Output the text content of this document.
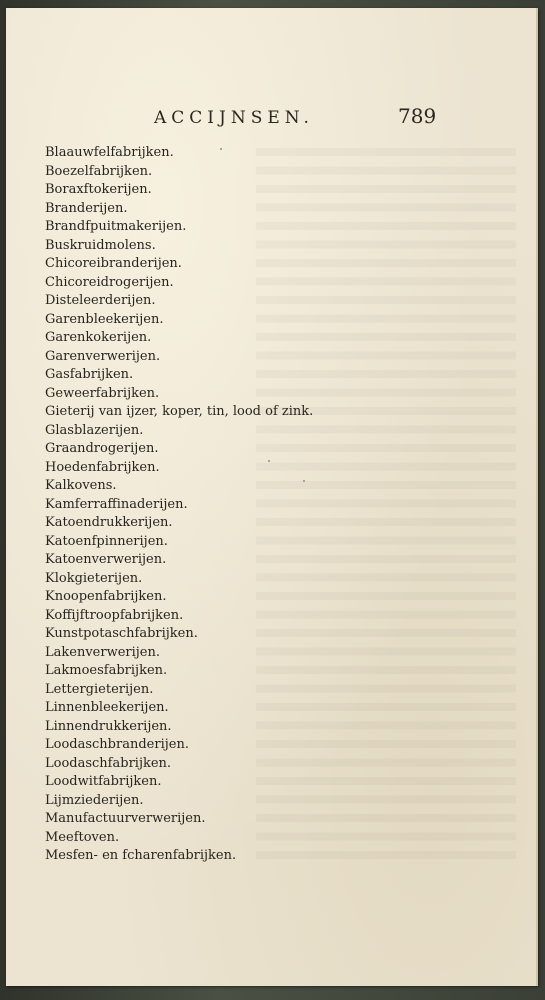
ACCIJNSEN.	789
Blaauwfelfabrijken.
Boezelfabrijken.
Boraxftokerijen.
Branderijen.
Brandfpuitmakerijen.
Buskruidmolens.
Chicoreibranderijen.
Chicoreidrogerijen.
Disteleerderijen.
Garenbleekerijen.
Garenkokerijen.
Garenverwerijen.
Gasfabrijken.
Geweerfabrijken.
Gieterij van ijzer, koper, tin, lood of zink.
Glasblazerijen.
Graandrogerijen.
Hoedenfabrijken.
Kalkovens.
Kamferraffinaderijen.
Katoendrukkerijen.
Katoenfpinnerijen.
Katoenverwerijen.
Klokgieterijen.
Knoopenfabrijken.
Koffijftroopfabrijken.
Kunstpotaschfabrijken.
Lakenverwerijen.
Lakmoesfabrijken.
Lettergieterijen.
Linnenbleekerijen.
Linnendrukkerijen.
Loodaschbranderijen.
Loodaschfabrijken.
Loodwitfabrijken.
Lijmziederijen.
Manufactuurverwerijen.
Meeftoven.
Mesfen- en fcharenfabrijken.
